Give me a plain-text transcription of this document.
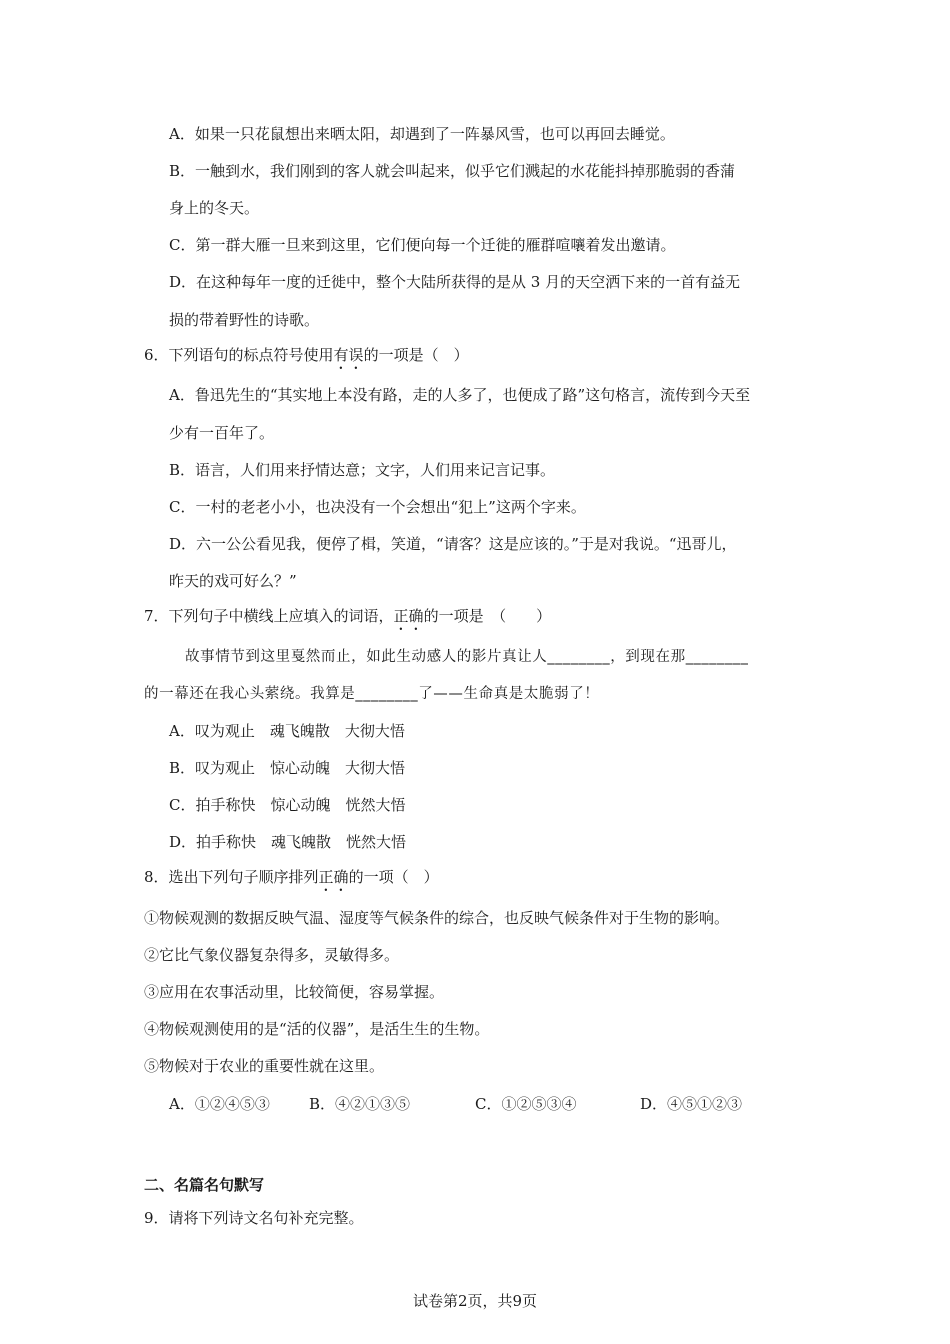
A．如果一只花鼠想出来晒太阳，却遇到了一阵暴风雪，也可以再回去睡觉。
B．一触到水，我们刚到的客人就会叫起来，似乎它们溅起的水花能抖掉那脆弱的香蒲
身上的冬天。
C．第一群大雁一旦来到这里，它们便向每一个迁徙的雁群喧嚷着发出邀请。
D．在这种每年一度的迁徙中，整个大陆所获得的是从 3 月的天空洒下来的一首有益无
损的带着野性的诗歌。
6．下列语句的标点符号使用有误的一项是（　）
A．鲁迅先生的“其实地上本没有路，走的人多了，也便成了路”这句格言，流传到今天至
少有一百年了。
B．语言，人们用来抒情达意；文字，人们用来记言记事。
C．一村的老老小小，也决没有一个会想出“犯上”这两个字来。
D．六一公公看见我，便停了楫，笑道，“请客？这是应该的。”于是对我说。“迅哥儿，
昨天的戏可好么？”
7．下列句子中横线上应填入的词语，正确的一项是　（　　）
故事情节到这里戛然而止，如此生动感人的影片真让人________，到现在那________
的一幕还在我心头萦绕。我算是________了——生命真是太脆弱了！
A．叹为观止　魂飞魄散　大彻大悟
B．叹为观止　惊心动魄　大彻大悟
C．拍手称快　惊心动魄　恍然大悟
D．拍手称快　魂飞魄散　恍然大悟
8．选出下列句子顺序排列正确的一项（　）
①物候观测的数据反映气温、湿度等气候条件的综合，也反映气候条件对于生物的影响。
②它比气象仪器复杂得多，灵敏得多。
③应用在农事活动里，比较简便，容易掌握。
④物候观测使用的是“活的仪器”，是活生生的生物。
⑤物候对于农业的重要性就在这里。
A．①②④⑤③	B．④②①③⑤	C．①②⑤③④	D．④⑤①②③
二、名篇名句默写
9．请将下列诗文名句补充完整。
试卷第2页，共9页
